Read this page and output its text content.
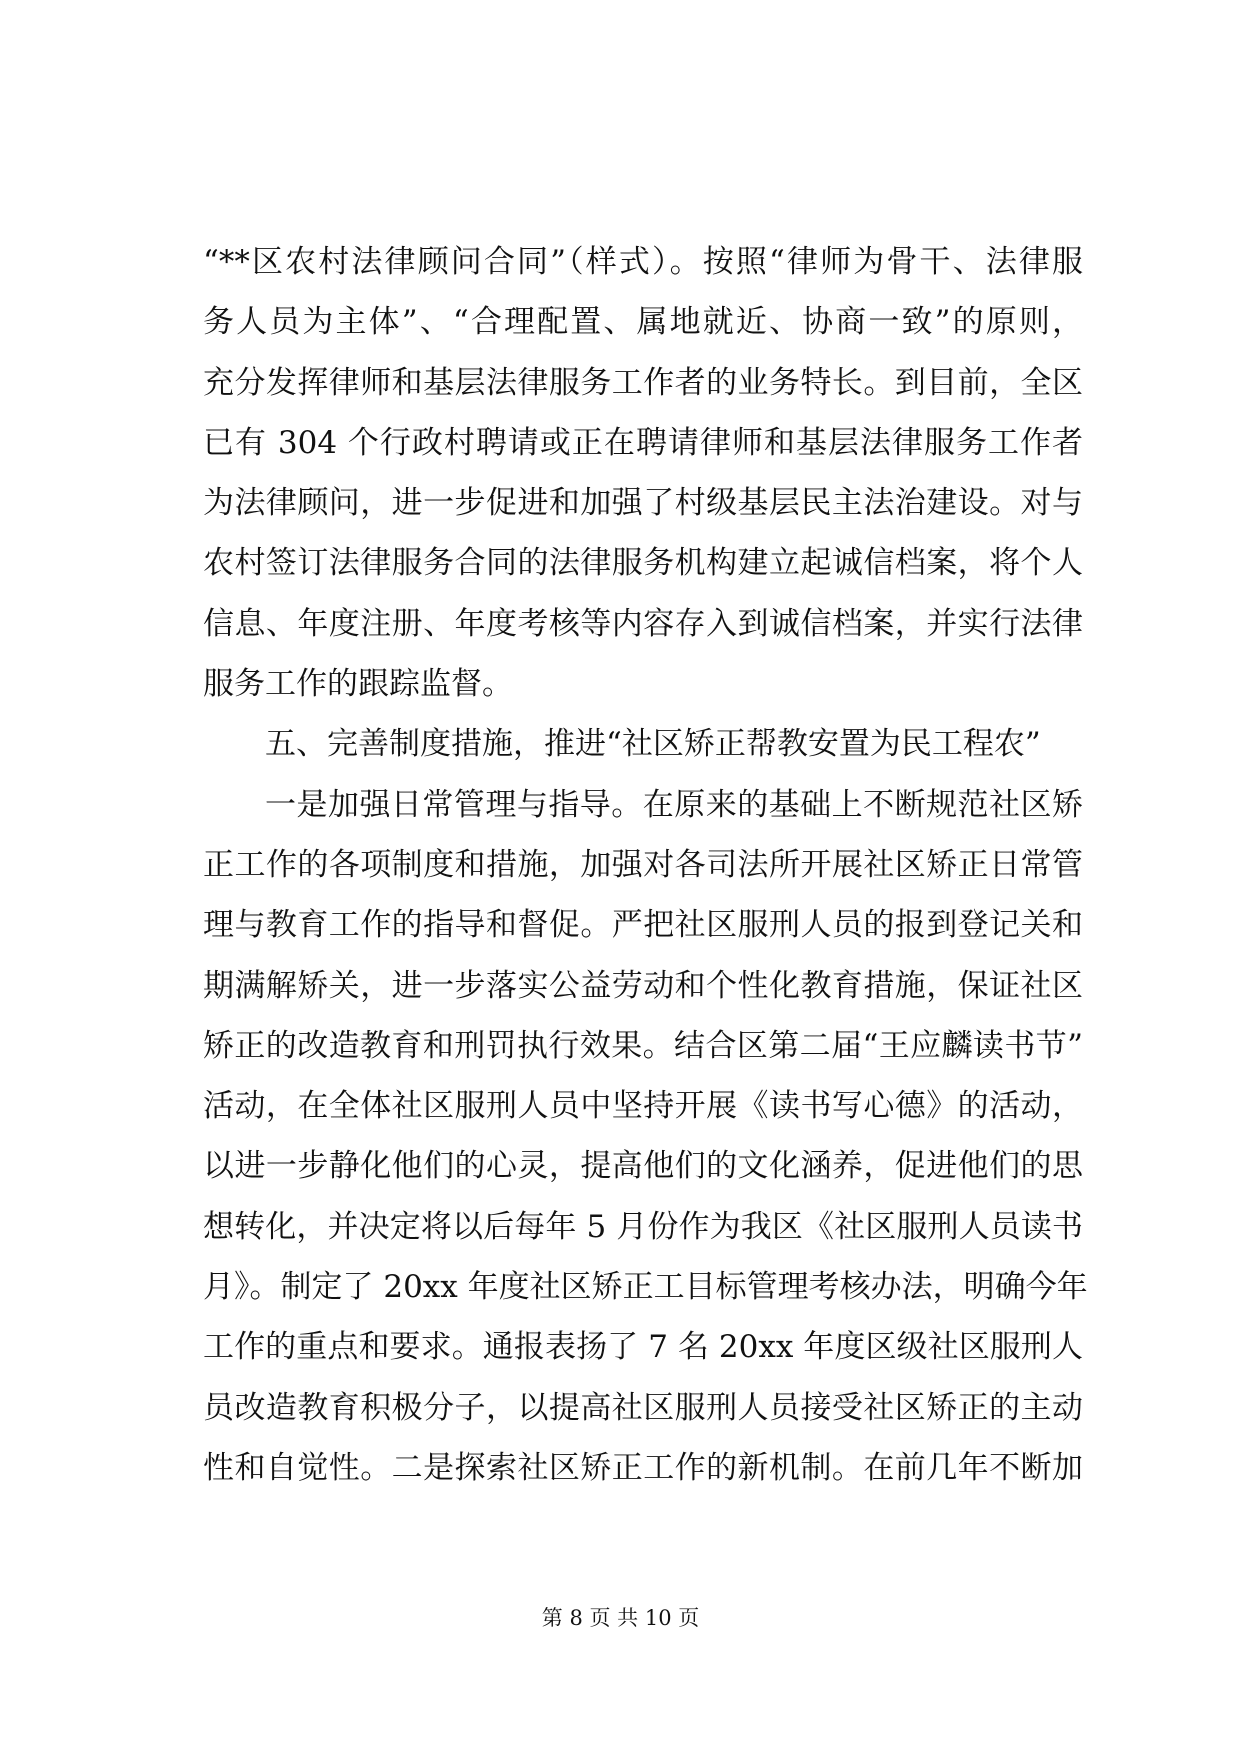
“**区农村法律顾问合同”（样式）。按照“律师为骨干、法律服
务人员为主体”、“合理配置、属地就近、协商一致”的原则，
充分发挥律师和基层法律服务工作者的业务特长。到目前，全区
已有 304 个行政村聘请或正在聘请律师和基层法律服务工作者
为法律顾问，进一步促进和加强了村级基层民主法治建设。对与
农村签订法律服务合同的法律服务机构建立起诚信档案，将个人
信息、年度注册、年度考核等内容存入到诚信档案，并实行法律
服务工作的跟踪监督。
五、完善制度措施，推进“社区矫正帮教安置为民工程农”
一是加强日常管理与指导。在原来的基础上不断规范社区矫
正工作的各项制度和措施，加强对各司法所开展社区矫正日常管
理与教育工作的指导和督促。严把社区服刑人员的报到登记关和
期满解矫关，进一步落实公益劳动和个性化教育措施，保证社区
矫正的改造教育和刑罚执行效果。结合区第二届“王应麟读书节”
活动，在全体社区服刑人员中坚持开展《读书写心德》的活动，
以进一步静化他们的心灵，提高他们的文化涵养，促进他们的思
想转化，并决定将以后每年 5 月份作为我区《社区服刑人员读书
月》。制定了 20xx 年度社区矫正工目标管理考核办法，明确今年
工作的重点和要求。通报表扬了 7 名 20xx 年度区级社区服刑人
员改造教育积极分子，以提高社区服刑人员接受社区矫正的主动
性和自觉性。二是探索社区矫正工作的新机制。在前几年不断加
第 8 页 共 10 页
